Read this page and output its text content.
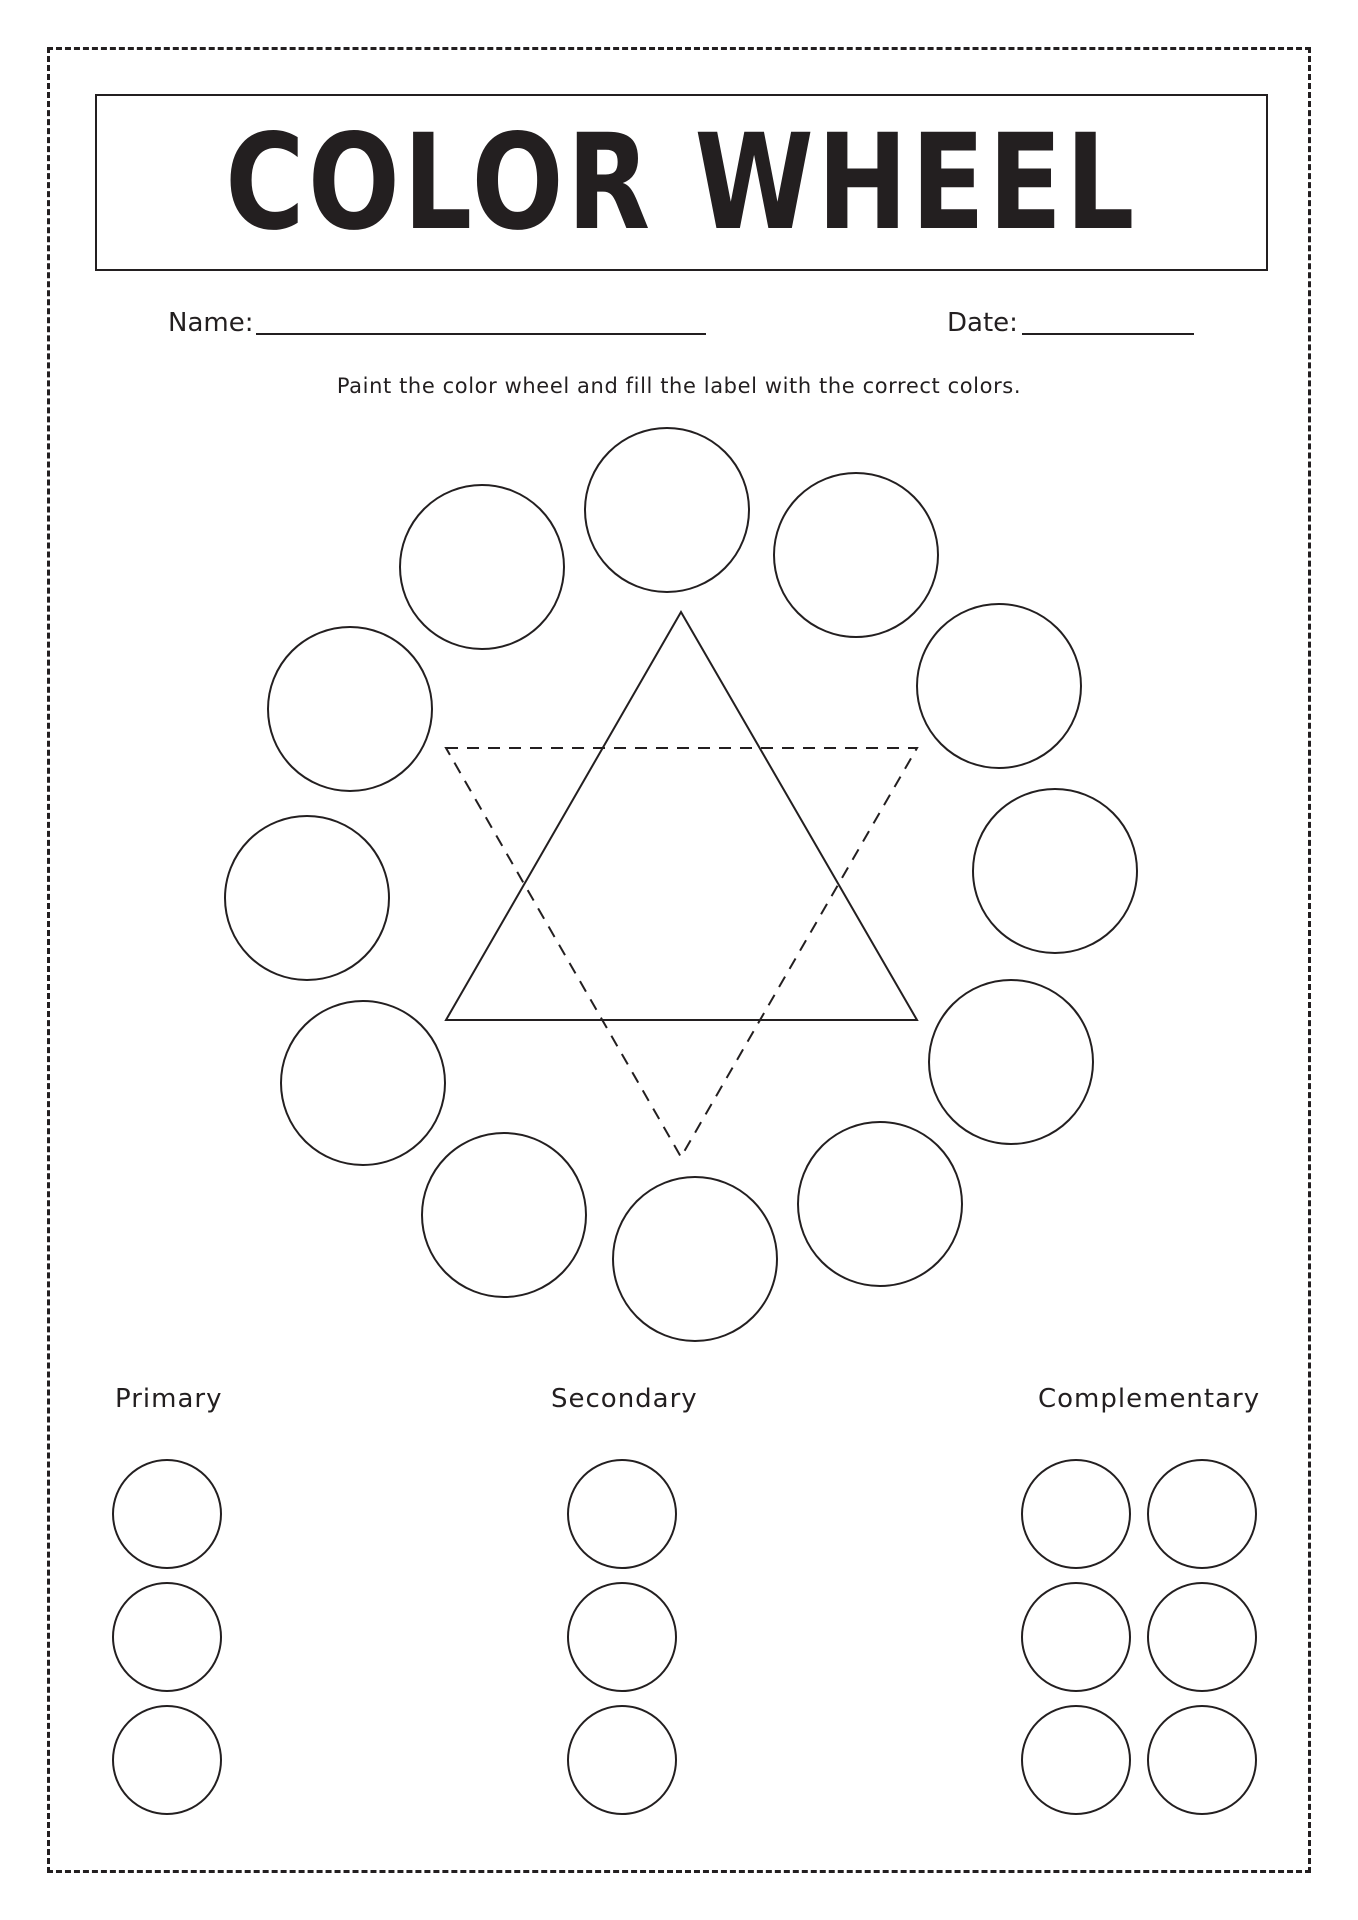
COLOR WHEEL
Name:	Date:
Paint the color wheel and fill the label with the correct colors.
Primary	Secondary	Complementary
